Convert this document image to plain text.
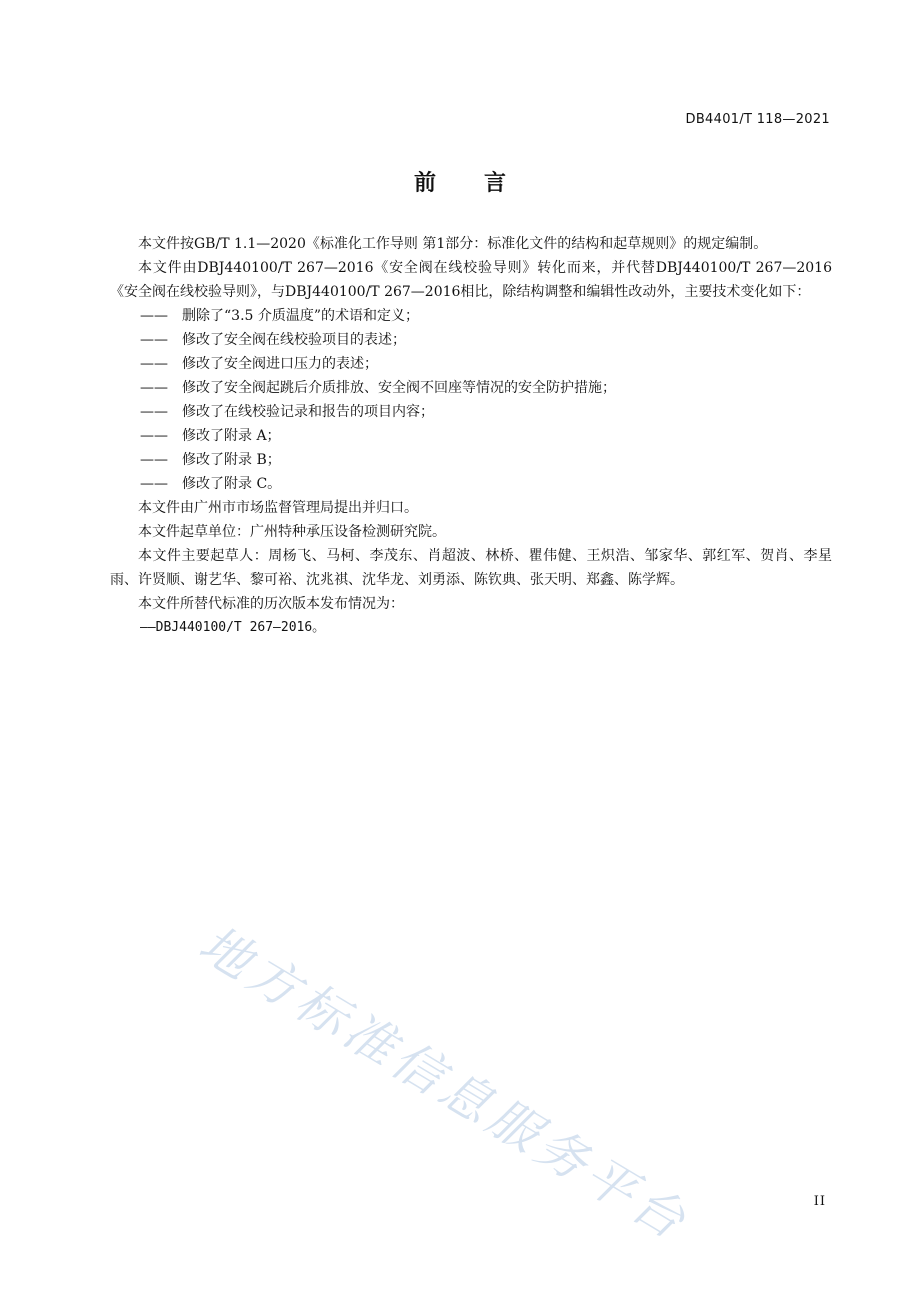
DB4401/T 118—2021
前言

本文件按GB/T 1.1—2020《标准化工作导则 第1部分：标准化文件的结构和起草规则》的规定编制。

本文件由DBJ440100/T 267—2016《安全阀在线校验导则》转化而来，并代替DBJ440100/T 267—2016《安全阀在线校验导则》，与DBJ440100/T 267—2016相比，除结构调整和编辑性改动外，主要技术变化如下：

—— 删除了“3.5 介质温度”的术语和定义；

—— 修改了安全阀在线校验项目的表述；

—— 修改了安全阀进口压力的表述；

—— 修改了安全阀起跳后介质排放、安全阀不回座等情况的安全防护措施；

—— 修改了在线校验记录和报告的项目内容；

—— 修改了附录 A；

—— 修改了附录 B；

—— 修改了附录 C。

本文件由广州市市场监督管理局提出并归口。

本文件起草单位：广州特种承压设备检测研究院。

本文件主要起草人：周杨飞、马柯、李茂东、肖超波、林桥、瞿伟健、王炽浩、邹家华、郭红军、贺肖、李星雨、许贤顺、谢艺华、黎可裕、沈兆祺、沈华龙、刘勇添、陈钦典、张天明、郑鑫、陈学辉。

本文件所替代标准的历次版本发布情况为：

——DBJ440100/T 267—2016。

地方标准信息服务平台	II
